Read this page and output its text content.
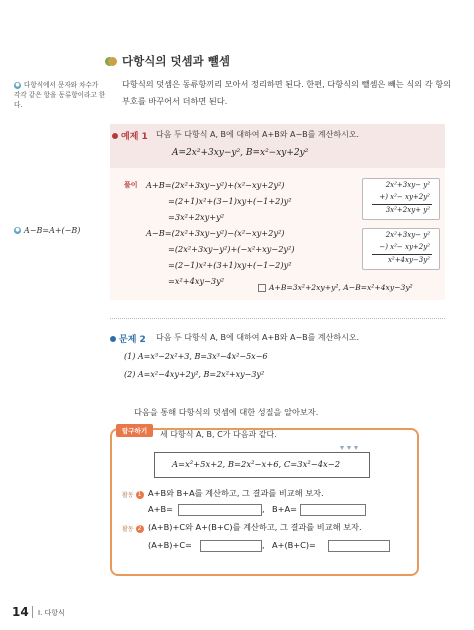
다항식의 덧셈과 뺄셈
● 다항식에서 문자와 차수가 각각 같은 항을 동류항이라고 한다.
● A−B=A+(−B)
다항식의 덧셈은 동류항끼리 모아서 정리하면 된다. 한편, 다항식의 뺄셈은 빼는 식의 각 항의 부호를 바꾸어서 더하면 된다.
예제 1 다음 두 다항식 A, B에 대하여 A+B와 A−B를 계산하시오.
A=2x²+3xy−y², B=x²−xy+2y²
풀이 A+B=(2x²+3xy−y²)+(x²−xy+2y²)
=(2+1)x²+(3−1)xy+(−1+2)y²
=3x²+2xy+y²
A−B=(2x²+3xy−y²)−(x²−xy+2y²)
=(2x²+3xy−y²)+(−x²+xy−2y²)
=(2−1)x²+(3+1)xy+(−1−2)y²
=x²+4xy−3y²
2x²+3xy− y²
+) x²− xy+2y²
3x²+2xy+ y²
2x²+3xy− y²
−) x²− xy+2y²
x²+4xy−3y²
A+B=3x²+2xy+y², A−B=x²+4xy−3y²
문제 2 다음 두 다항식 A, B에 대하여 A+B와 A−B를 계산하시오.
(1) A=x³−2x²+3, B=3x³−4x²−5x−6
(2) A=x²−4xy+2y², B=2x²+xy−3y²
다음을 통해 다항식의 덧셈에 대한 성질을 알아보자.
탐구하기	세 다항식 A, B, C가 다음과 같다.
A=x²+5x+2, B=2x²−x+6, C=3x²−4x−2
활동 1 A+B와 B+A를 계산하고, 그 결과를 비교해 보자.
A+B=	, B+A=
활동 2 (A+B)+C와 A+(B+C)를 계산하고, 그 결과를 비교해 보자.
(A+B)+C=	, A+(B+C)=
14 Ⅰ. 다항식
